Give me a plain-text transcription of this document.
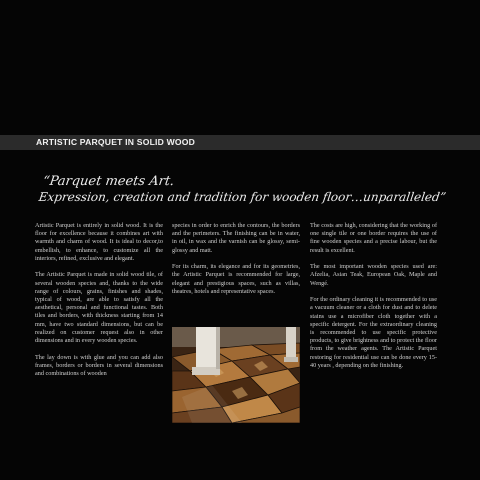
ARTISTIC PARQUET IN SOLID WOOD
“Parquet meets Art.
Expression, creation and tradition for wooden floor…unparalleled”

Artistic Parquet is entirely in solid wood. It is the floor for excellence because it combines art with warmth and charm of wood. It is ideal to decor,to embellish, to enhance, to customize all the interiors, refined, exclusive and elegant.

The Artistic Parquet is made in solid wood tile, of several wooden species and, thanks to the wide range of colours, grains, finishes and shades, typical of wood, are able to satisfy all the aesthetical, personal and functional tastes. Both tiles and borders, with thickness starting from 14 mm, have two standard dimensions, but can be realized on customer request also in other dimensions and in every wooden species.

The lay down is with glue and you can add also frames, borders or borders in several dimensions and combinations of wooden

species in order to enrich the contours, the borders and the perimeters. The finishing can be in water, in oil, in wax and the varnish can be glossy, semi-glossy and matt.

For its charm, its elegance and for its geometries, the Artistic Parquet is recommended for large, elegant and prestigious spaces, such as villas, theatres, hotels and representative spaces.

The costs are high, considering that the working of one single tile or one border requires the use of fine wooden species and a precise labour, but the result is excellent.

The most important wooden species used are: Afzelia, Asian Teak, European Oak, Maple and Wengé.

For the ordinary cleaning it is recommended to use a vacuum cleaner or a cloth for dust and to delete stains use a microfiber cloth together with a specific detergent. For the extraordinary cleaning is recommended to use specific protective products, to give brightness and to protect the floor from the weather agents. The Artistic Parquet restoring for residential use can be done every 15-40 years , depending on the finishing.
